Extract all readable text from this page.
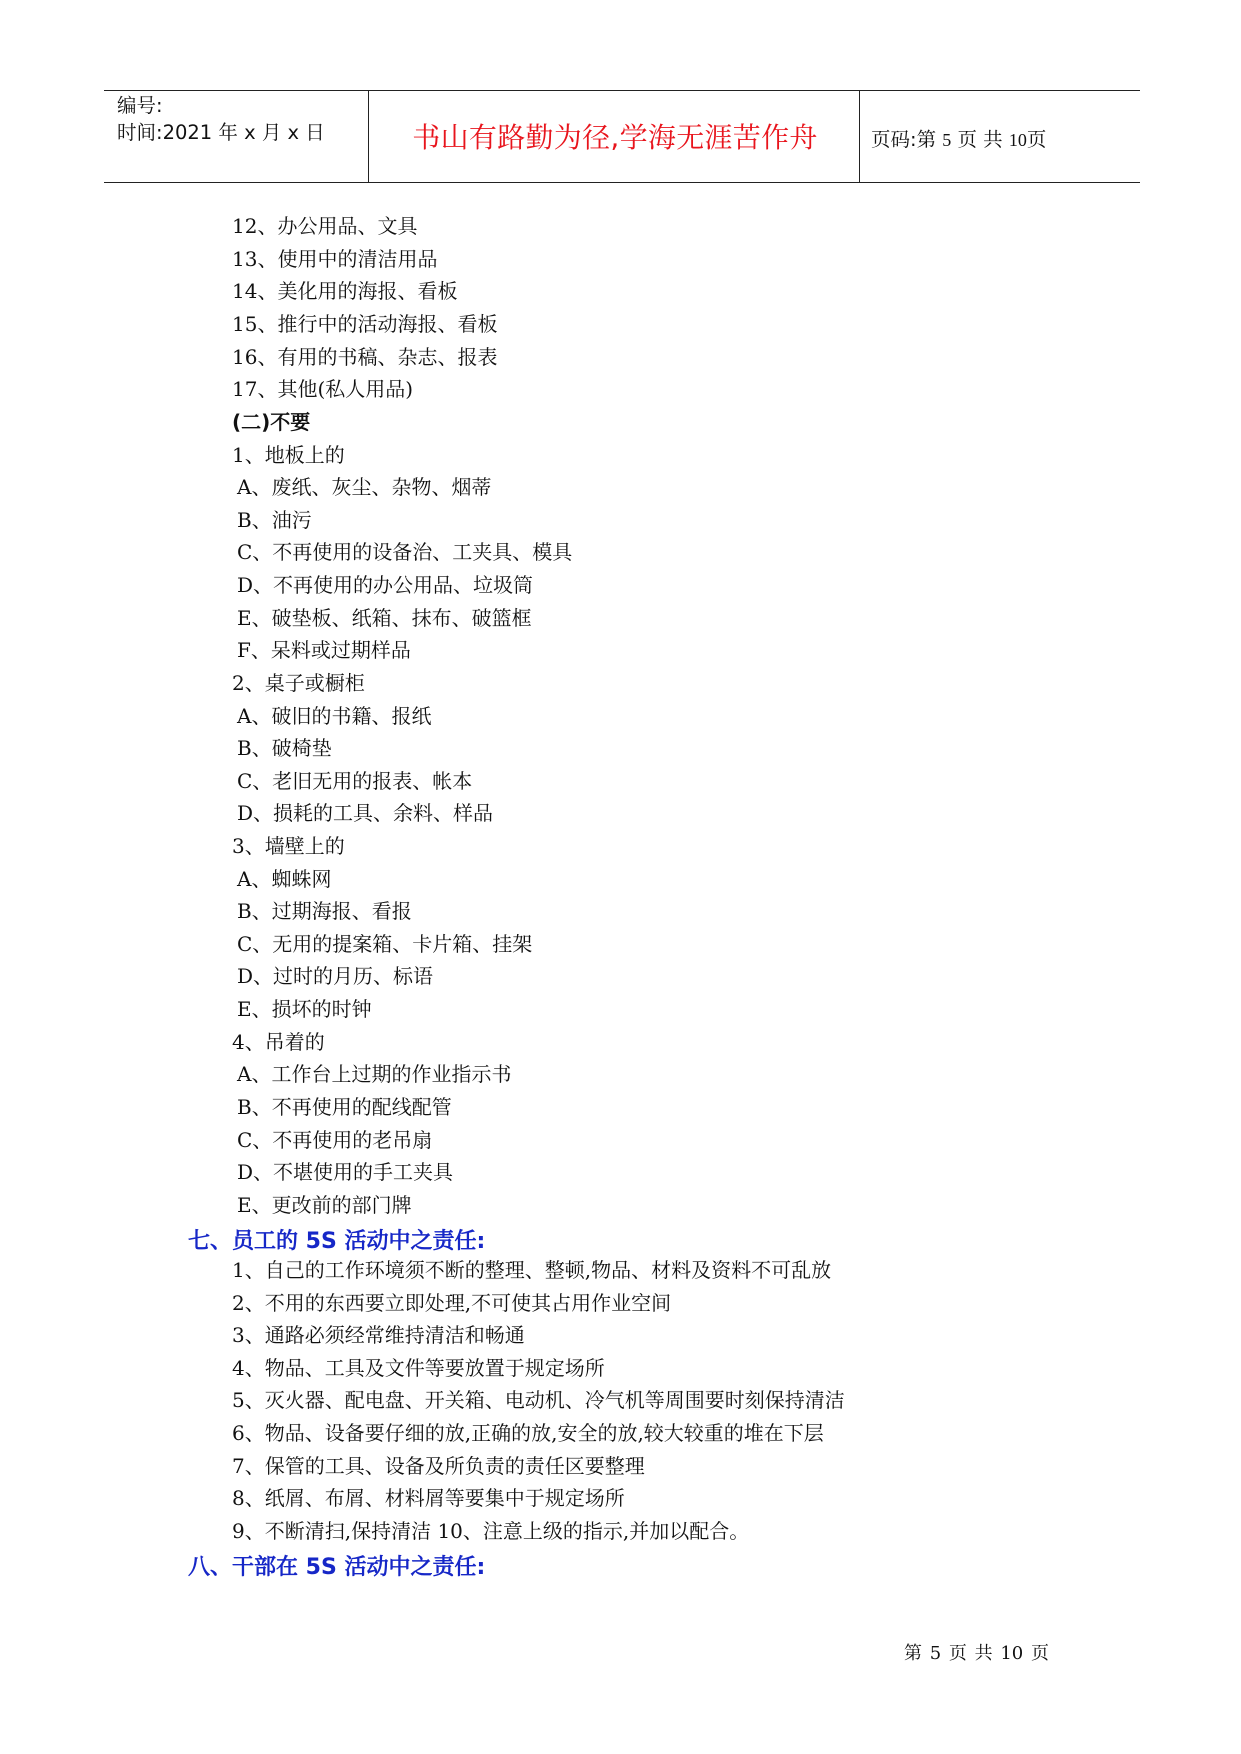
编号:
时间:2021 年 x 月 x 日	书山有路勤为径,学海无涯苦作舟	页码:第 5 页 共 10页
12、办公用品、文具
13、使用中的清洁用品
14、美化用的海报、看板
15、推行中的活动海报、看板
16、有用的书稿、杂志、报表
17、其他(私人用品)
(二)不要
1、地板上的
A、废纸、灰尘、杂物、烟蒂
B、油污
C、不再使用的设备治、工夹具、模具
D、不再使用的办公用品、垃圾筒
E、破垫板、纸箱、抹布、破篮框
F、呆料或过期样品
2、桌子或橱柜
A、破旧的书籍、报纸
B、破椅垫
C、老旧无用的报表、帐本
D、损耗的工具、余料、样品
3、墙壁上的
A、蜘蛛网
B、过期海报、看报
C、无用的提案箱、卡片箱、挂架
D、过时的月历、标语
E、损坏的时钟
4、吊着的
A、工作台上过期的作业指示书
B、不再使用的配线配管
C、不再使用的老吊扇
D、不堪使用的手工夹具
E、更改前的部门牌
七、员工的 5S 活动中之责任:
1、自己的工作环境须不断的整理、整顿,物品、材料及资料不可乱放
2、不用的东西要立即处理,不可使其占用作业空间
3、通路必须经常维持清洁和畅通
4、物品、工具及文件等要放置于规定场所
5、灭火器、配电盘、开关箱、电动机、冷气机等周围要时刻保持清洁
6、物品、设备要仔细的放,正确的放,安全的放,较大较重的堆在下层
7、保管的工具、设备及所负责的责任区要整理
8、纸屑、布屑、材料屑等要集中于规定场所
9、不断清扫,保持清洁 10、注意上级的指示,并加以配合。
八、干部在 5S 活动中之责任:
第 5 页 共 10 页
